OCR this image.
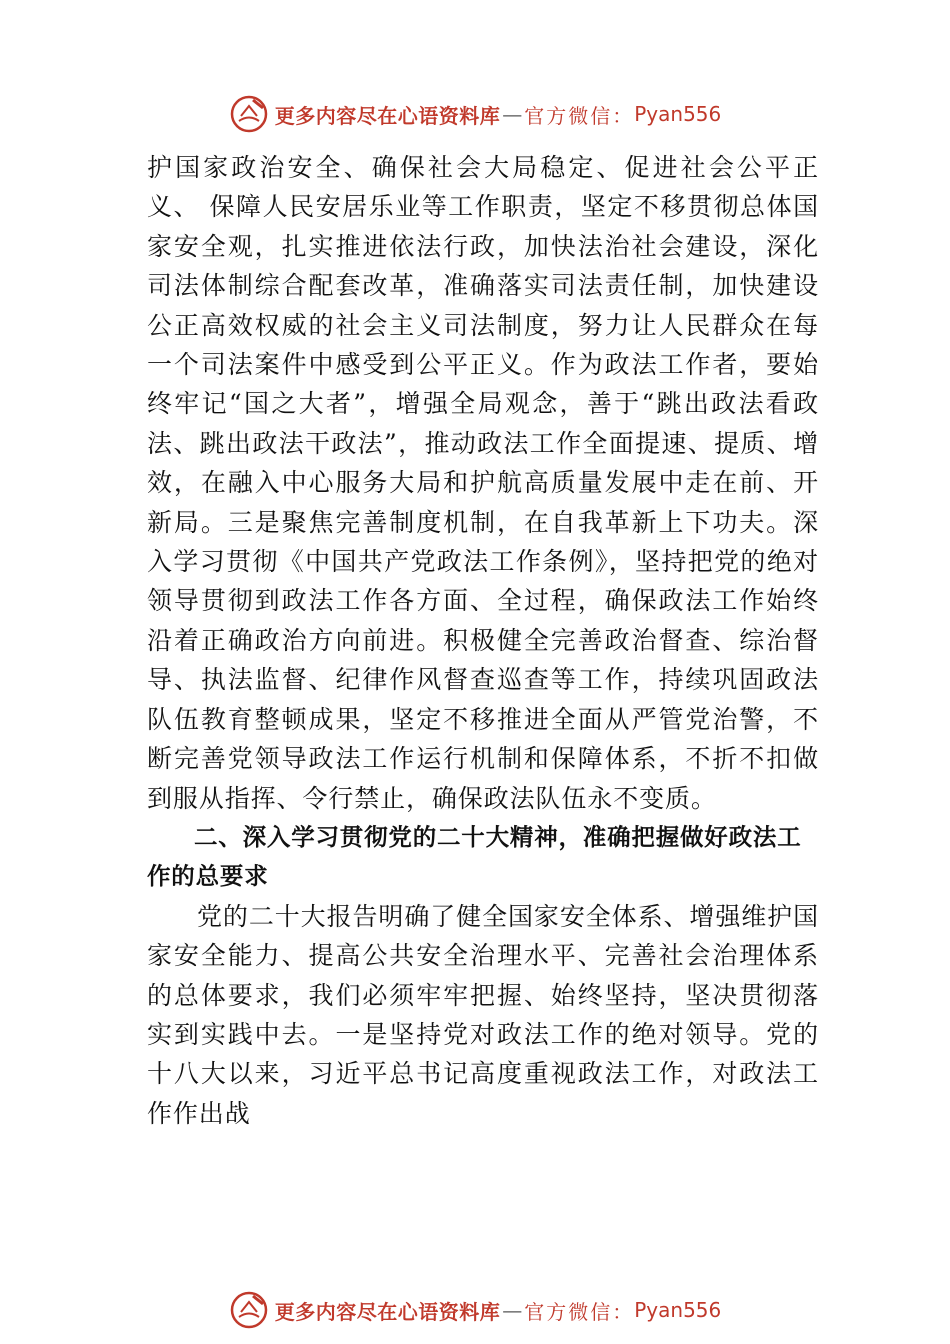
更多内容尽在心语资料库 — 官方微信： Pyan556

护国家政治安全、确保社会大局稳定、促进社会公平正义、 保障人民安居乐业等工作职责，坚定不移贯彻总体国家安全观，扎实推进依法行政，加快法治社会建设，深化司法体制综合配套改革，准确落实司法责任制，加快建设公正高效权威的社会主义司法制度，努力让人民群众在每一个司法案件中感受到公平正义。作为政法工作者，要始终牢记“国之大者”，增强全局观念，善于“跳出政法看政法、跳出政法干政法”，推动政法工作全面提速、提质、增效，在融入中心服务大局和护航高质量发展中走在前、开新局。三是聚焦完善制度机制，在自我革新上下功夫。深入学习贯彻《中国共产党政法工作条例》，坚持把党的绝对领导贯彻到政法工作各方面、全过程，确保政法工作始终沿着正确政治方向前进。积极健全完善政治督查、综治督导、执法监督、纪律作风督查巡查等工作，持续巩固政法队伍教育整顿成果，坚定不移推进全面从严管党治警，不断完善党领导政法工作运行机制和保障体系，不折不扣做到服从指挥、令行禁止，确保政法队伍永不变质。

二、深入学习贯彻党的二十大精神，准确把握做好政法工作的总要求

党的二十大报告明确了健全国家安全体系、增强维护国家安全能力、提高公共安全治理水平、完善社会治理体系的总体要求，我们必须牢牢把握、始终坚持，坚决贯彻落实到实践中去。一是坚持党对政法工作的绝对领导。党的十八大以来，习近平总书记高度重视政法工作，对政法工作作出战

更多内容尽在心语资料库 — 官方微信： Pyan556
